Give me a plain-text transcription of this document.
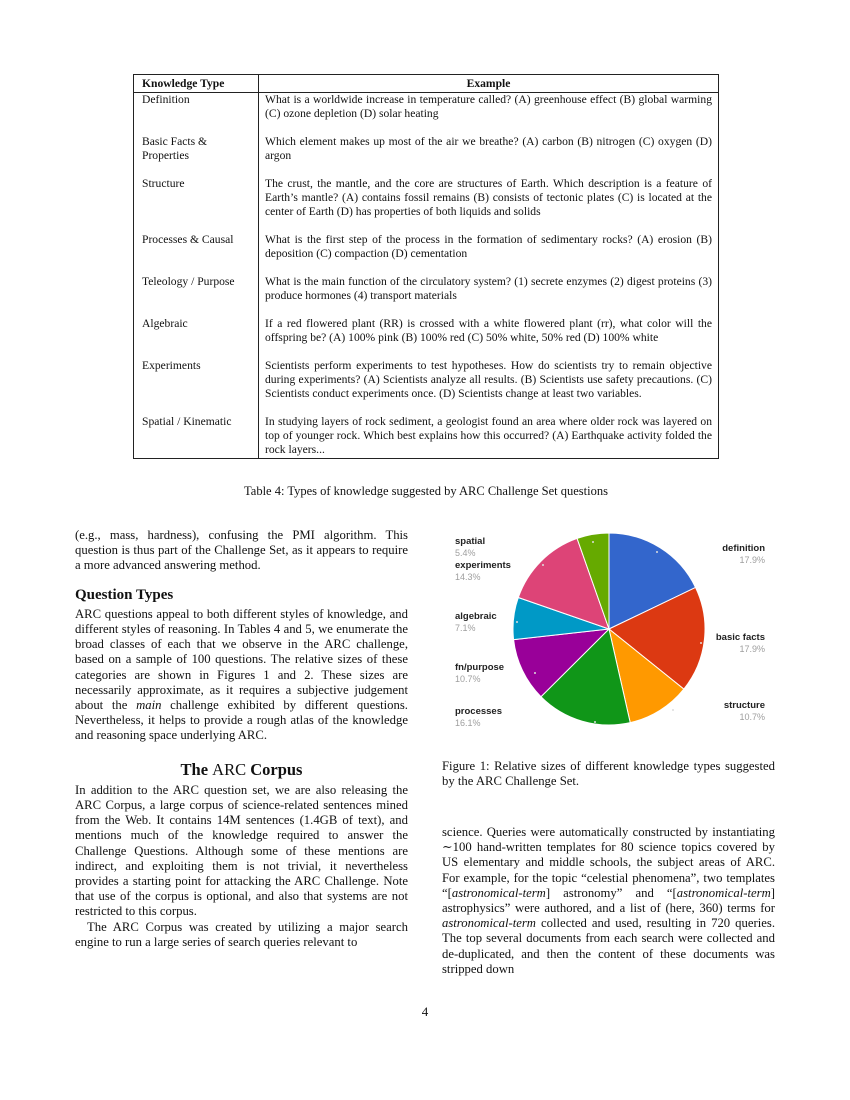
Knowledge Type	Example
Definition	What is a worldwide increase in temperature called? (A) greenhouse effect (B) global warming (C) ozone depletion (D) solar heating
Basic Facts & Properties	Which element makes up most of the air we breathe? (A) carbon (B) nitrogen (C) oxygen (D) argon
Structure	The crust, the mantle, and the core are structures of Earth. Which description is a feature of Earth’s mantle? (A) contains fossil remains (B) consists of tectonic plates (C) is located at the center of Earth (D) has properties of both liquids and solids
Processes & Causal	What is the first step of the process in the formation of sedimentary rocks? (A) erosion (B) deposition (C) compaction (D) cementation
Teleology / Purpose	What is the main function of the circulatory system? (1) secrete enzymes (2) digest proteins (3) produce hormones (4) transport materials
Algebraic	If a red flowered plant (RR) is crossed with a white flowered plant (rr), what color will the offspring be? (A) 100% pink (B) 100% red (C) 50% white, 50% red (D) 100% white
Experiments	Scientists perform experiments to test hypotheses. How do scientists try to remain objective during experiments? (A) Scientists analyze all results. (B) Scientists use safety precautions. (C) Scientists conduct experiments once. (D) Scientists change at least two variables.
Spatial / Kinematic	In studying layers of rock sediment, a geologist found an area where older rock was layered on top of younger rock. Which best explains how this occurred? (A) Earthquake activity folded the rock layers...
Table 4: Types of knowledge suggested by ARC Challenge Set questions

(e.g., mass, hardness), confusing the PMI algorithm. This question is thus part of the Challenge Set, as it appears to require a more advanced answering method.

Question Types

ARC questions appeal to both different styles of knowledge, and different styles of reasoning. In Tables 4 and 5, we enumerate the broad classes of each that we observe in the ARC challenge, based on a sample of 100 questions. The relative sizes of these categories are shown in Figures 1 and 2. These sizes are necessarily approximate, as it requires a subjective judgement about the main challenge exhibited by different questions. Nevertheless, it helps to provide a rough atlas of the knowledge and reasoning space underlying ARC.

The ARC Corpus

In addition to the ARC question set, we are also releasing the ARC Corpus, a large corpus of science-related sentences mined from the Web. It contains 14M sentences (1.4GB of text), and mentions much of the knowledge required to answer the Challenge Questions. Although some of these mentions are indirect, and exploiting them is not trivial, it nevertheless provides a starting point for attacking the ARC Challenge. Note that use of the corpus is optional, and also that systems are not restricted to this corpus.

The ARC Corpus was created by utilizing a major search engine to run a large series of search queries relevant to

definition
17.9%
basic facts
17.9%
structure
10.7%
processes
16.1%
fn/purpose
10.7%
algebraic
7.1%
experiments
14.3%
spatial
5.4%
Figure 1: Relative sizes of different knowledge types suggested by the ARC Challenge Set.

science. Queries were automatically constructed by instantiating ∼100 hand-written templates for 80 science topics covered by US elementary and middle schools, the subject areas of ARC. For example, for the topic “celestial phenomena”, two templates “[astronomical-term] astronomy” and “[astronomical-term] astrophysics” were authored, and a list of (here, 360) terms for astronomical-term collected and used, resulting in 720 queries. The top several documents from each search were collected and de-duplicated, and then the content of these documents was stripped down

4
